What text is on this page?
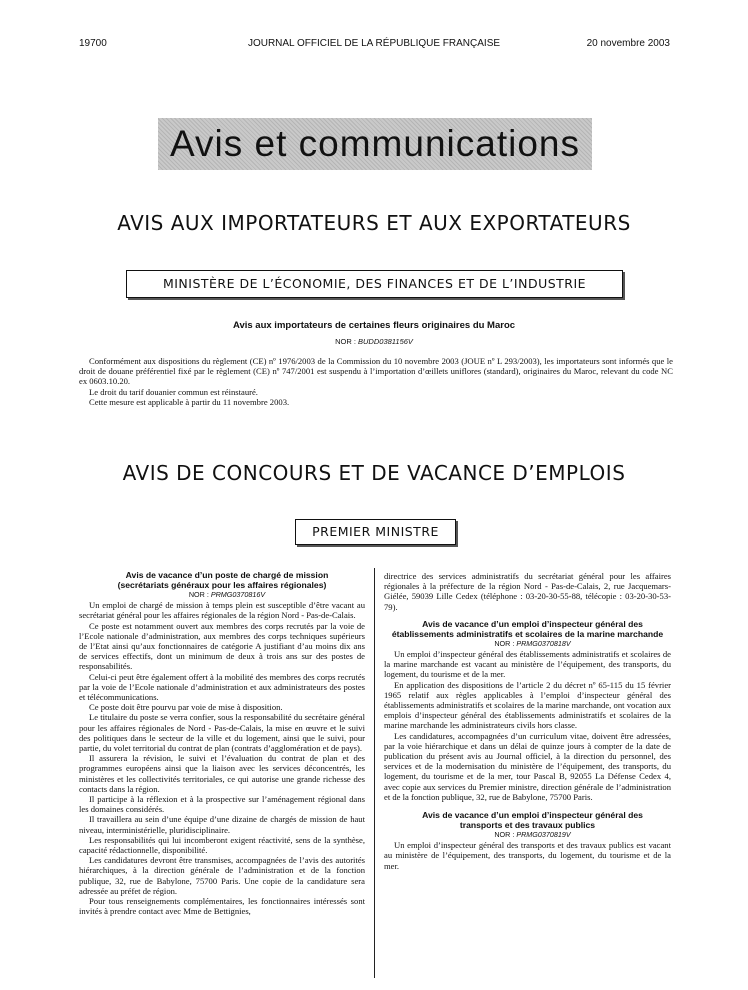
19700	JOURNAL OFFICIEL DE LA RÉPUBLIQUE FRANÇAISE	20 novembre 2003
Avis et communications
AVIS AUX IMPORTATEURS ET AUX EXPORTATEURS
MINISTÈRE DE L’ÉCONOMIE, DES FINANCES ET DE L’INDUSTRIE
Avis aux importateurs de certaines fleurs originaires du Maroc
NOR : BUDD0381156V

Conformément aux dispositions du règlement (CE) nº 1976/2003 de la Commission du 10 novembre 2003 (JOUE nº L 293/2003), les importateurs sont informés que le droit de douane préférentiel fixé par le règlement (CE) nº 747/2001 est suspendu à l’importation d’œillets uniflores (standard), originaires du Maroc, relevant du code NC ex 0603.10.20.

Le droit du tarif douanier commun est réinstauré.

Cette mesure est applicable à partir du 11 novembre 2003.

AVIS DE CONCOURS ET DE VACANCE D’EMPLOIS
PREMIER MINISTRE

Avis de vacance d’un poste de chargé de mission (secrétariats généraux pour les affaires régionales)

NOR : PRMG0370816V

Un emploi de chargé de mission à temps plein est susceptible d’être vacant au secrétariat général pour les affaires régionales de la région Nord - Pas-de-Calais.

Ce poste est notamment ouvert aux membres des corps recrutés par la voie de l’Ecole nationale d’administration, aux membres des corps techniques supérieurs de l’Etat ainsi qu’aux fonctionnaires de catégorie A justifiant d’au moins dix ans de services effectifs, dont un minimum de deux à trois ans sur des postes de responsabilités.

Celui-ci peut être également offert à la mobilité des membres des corps recrutés par la voie de l’Ecole nationale d’administration et aux administrateurs des postes et télécommunications.

Ce poste doit être pourvu par voie de mise à disposition.

Le titulaire du poste se verra confier, sous la responsabilité du secrétaire général pour les affaires régionales de Nord - Pas-de-Calais, la mise en œuvre et le suivi des politiques dans le secteur de la ville et du logement, ainsi que le suivi, pour partie, du volet territorial du contrat de plan (contrats d’agglomération et de pays).

Il assurera la révision, le suivi et l’évaluation du contrat de plan et des programmes européens ainsi que la liaison avec les services déconcentrés, les ministères et les collectivités territoriales, ce qui autorise une grande richesse des contacts dans la région.

Il participe à la réflexion et à la prospective sur l’aménagement régional dans les domaines considérés.

Il travaillera au sein d’une équipe d’une dizaine de chargés de mission de haut niveau, interministérielle, pluridisciplinaire.

Les responsabilités qui lui incomberont exigent réactivité, sens de la synthèse, capacité rédactionnelle, disponibilité.

Les candidatures devront être transmises, accompagnées de l’avis des autorités hiérarchiques, à la direction générale de l’administration et de la fonction publique, 32, rue de Babylone, 75700 Paris. Une copie de la candidature sera adressée au préfet de région.

Pour tous renseignements complémentaires, les fonctionnaires intéressés sont invités à prendre contact avec Mme de Bettignies,

directrice des services administratifs du secrétariat général pour les affaires régionales à la préfecture de la région Nord - Pas-de-Calais, 2, rue Jacquemars-Giélée, 59039 Lille Cedex (téléphone : 03-20-30-55-88, télécopie : 03-20-30-53-79).

Avis de vacance d’un emploi d’inspecteur général des établissements administratifs et scolaires de la marine marchande

NOR : PRMG0370818V

Un emploi d’inspecteur général des établissements administratifs et scolaires de la marine marchande est vacant au ministère de l’équipement, des transports, du logement, du tourisme et de la mer.

En application des dispositions de l’article 2 du décret nº 65-115 du 15 février 1965 relatif aux règles applicables à l’emploi d’inspecteur général des établissements administratifs et scolaires de la marine marchande, ont vocation aux emplois d’inspecteur général des établissements administratifs et scolaires de la marine marchande les administrateurs civils hors classe.

Les candidatures, accompagnées d’un curriculum vitae, doivent être adressées, par la voie hiérarchique et dans un délai de quinze jours à compter de la date de publication du présent avis au Journal officiel, à la direction du personnel, des services et de la modernisation du ministère de l’équipement, des transports, du logement, du tourisme et de la mer, tour Pascal B, 92055 La Défense Cedex 4, avec copie aux services du Premier ministre, direction générale de l’administration et de la fonction publique, 32, rue de Babylone, 75700 Paris.

Avis de vacance d’un emploi d’inspecteur général des transports et des travaux publics

NOR : PRMG0370819V

Un emploi d’inspecteur général des transports et des travaux publics est vacant au ministère de l’équipement, des transports, du logement, du tourisme et de la mer.
